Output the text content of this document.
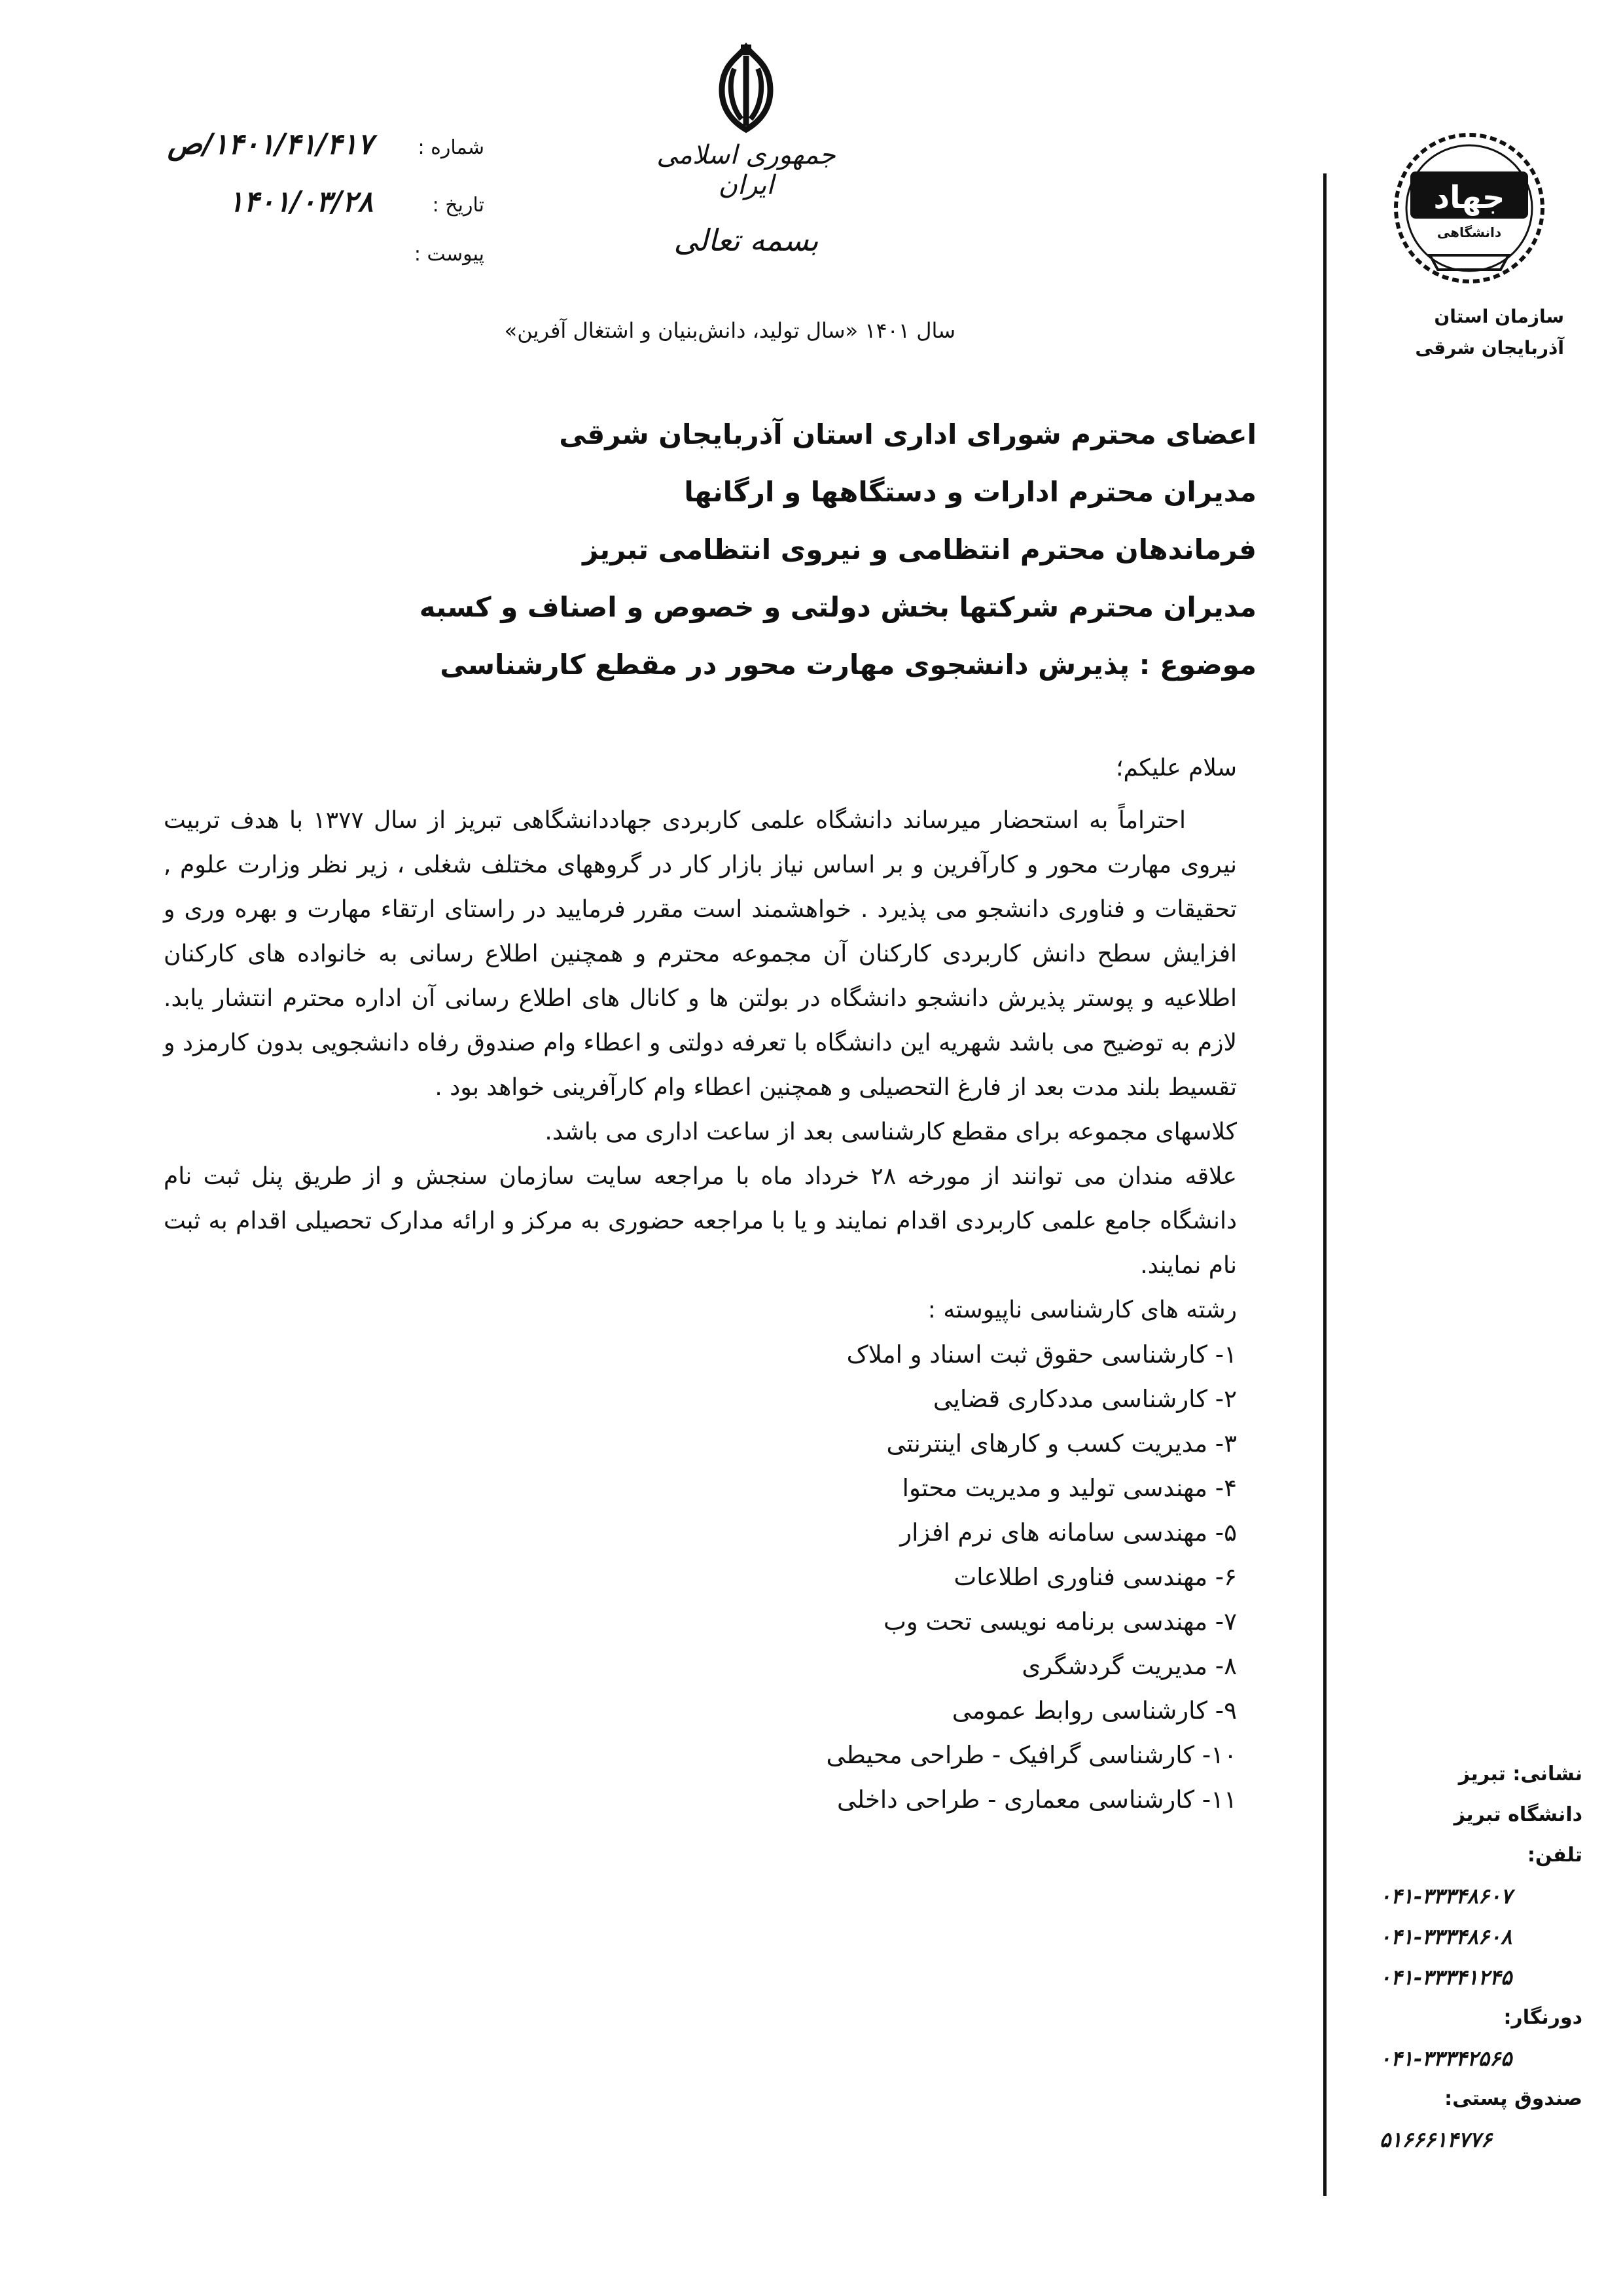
جمهوری اسلامی ایران
بسمه تعالی
شماره :
۱۴۰۱/۴۱/۴۱۷/ص
تاریخ :
۱۴۰۱/۰۳/۲۸
پیوست :
سال ۱۴۰۱ «سال تولید، دانش‌بنیان و اشتغال آفرین»
جهاد
دانشگاهی
سازمان استان
آذربایجان شرقی
نشانی: تبریز
دانشگاه تبریز
تلفن:
۰۴۱-۳۳۳۴۸۶۰۷
۰۴۱-۳۳۳۴۸۶۰۸
۰۴۱-۳۳۳۴۱۲۴۵
دورنگار:
۰۴۱-۳۳۳۴۲۵۶۵
صندوق پستی:
۵۱۶۶۶۱۴۷۷۶
اعضای محترم شورای اداری استان آذربایجان شرقی
مدیران محترم ادارات و دستگاهها و ارگانها
فرماندهان محترم انتظامی و نیروی انتظامی تبریز
مدیران محترم شرکتها بخش دولتی و خصوص و اصناف و کسبه
موضوع : پذیرش دانشجوی مهارت محور در مقطع کارشناسی

سلام علیکم؛

احتراماً به استحضار میرساند دانشگاه علمی کاربردی جهاددانشگاهی تبریز از سال ۱۳۷۷ با هدف تربیت نیروی مهارت محور و کارآفرین و بر اساس نیاز بازار کار در گروههای مختلف شغلی ، زیر نظر وزارت علوم , تحقیقات و فناوری دانشجو می پذیرد . خواهشمند است مقرر فرمایید در راستای ارتقاء مهارت و بهره وری و افزایش سطح دانش کاربردی کارکنان آن مجموعه محترم و همچنین اطلاع رسانی به خانواده های کارکنان اطلاعیه و پوستر پذیرش دانشجو دانشگاه در بولتن ها و کانال های اطلاع رسانی آن اداره محترم انتشار یابد. لازم به توضیح می باشد شهریه این دانشگاه با تعرفه دولتی و اعطاء وام صندوق رفاه دانشجویی بدون کارمزد و تقسیط بلند مدت بعد از فارغ التحصیلی و همچنین اعطاء وام کارآفرینی خواهد بود .

کلاسهای مجموعه برای مقطع کارشناسی بعد از ساعت اداری می باشد.

علاقه مندان می توانند از مورخه ۲۸ خرداد ماه با مراجعه سایت سازمان سنجش و از طریق پنل ثبت نام دانشگاه جامع علمی کاربردی اقدام نمایند و یا با مراجعه حضوری به مرکز و ارائه مدارک تحصیلی اقدام به ثبت نام نمایند.

رشته های کارشناسی ناپیوسته :

۱- کارشناسی حقوق ثبت اسناد و املاک
۲- کارشناسی مددکاری قضایی
۳- مدیریت کسب و کارهای اینترنتی
۴- مهندسی تولید و مدیریت محتوا
۵- مهندسی سامانه های نرم افزار
۶- مهندسی فناوری اطلاعات
۷- مهندسی برنامه نویسی تحت وب
۸- مدیریت گردشگری
۹- کارشناسی روابط عمومی
۱۰- کارشناسی گرافیک - طراحی محیطی
۱۱- کارشناسی معماری - طراحی داخلی
